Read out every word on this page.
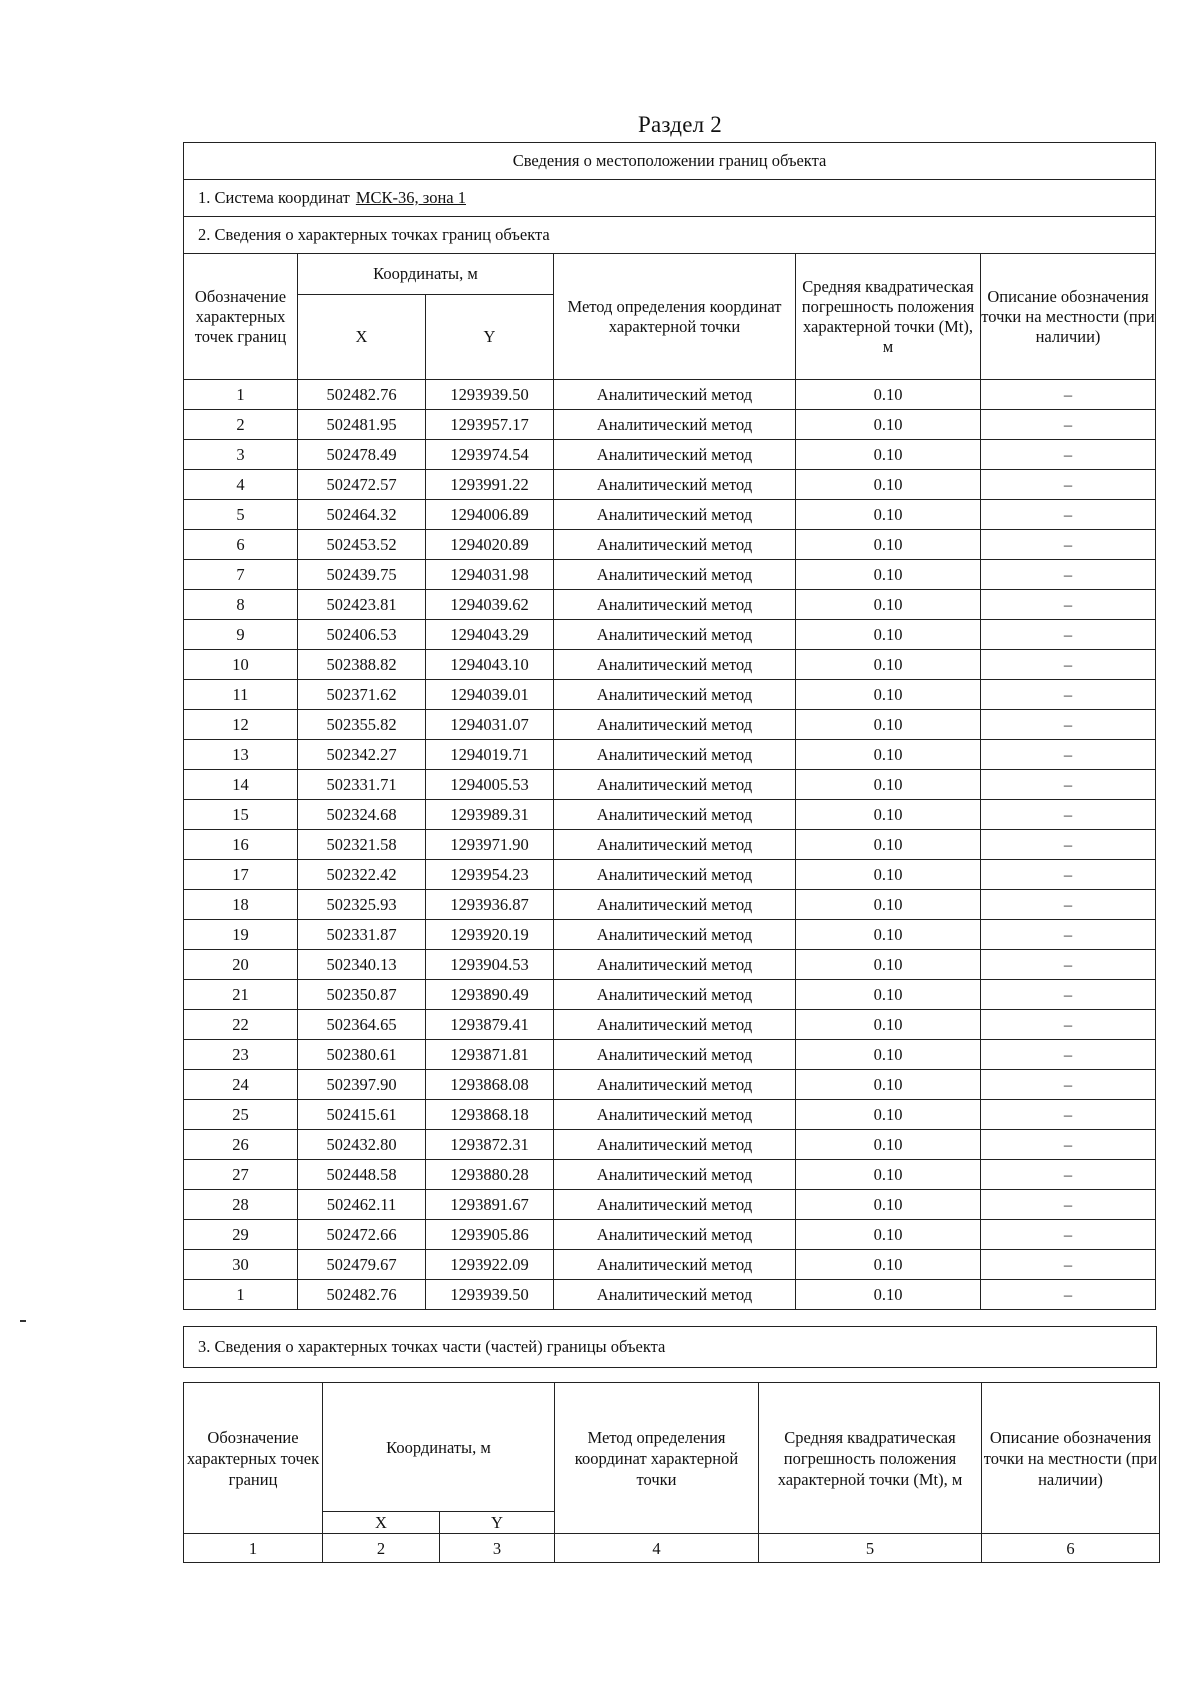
Раздел 2
Сведения о местоположении границ объекта					
1. Система координат МСК-36, зона 1					
2. Сведения о характерных точках границ объекта					
Обозначение характерных точек границ	Координаты, м		Метод определения координат характерной точки	Средняя квадратическая погрешность положения характерной точки (Mt), м	Описание обозначения точки на местности (при наличии)
	X	Y			
1	502482.76	1293939.50	Аналитический метод	0.10	–
2	502481.95	1293957.17	Аналитический метод	0.10	–
3	502478.49	1293974.54	Аналитический метод	0.10	–
4	502472.57	1293991.22	Аналитический метод	0.10	–
5	502464.32	1294006.89	Аналитический метод	0.10	–
6	502453.52	1294020.89	Аналитический метод	0.10	–
7	502439.75	1294031.98	Аналитический метод	0.10	–
8	502423.81	1294039.62	Аналитический метод	0.10	–
9	502406.53	1294043.29	Аналитический метод	0.10	–
10	502388.82	1294043.10	Аналитический метод	0.10	–
11	502371.62	1294039.01	Аналитический метод	0.10	–
12	502355.82	1294031.07	Аналитический метод	0.10	–
13	502342.27	1294019.71	Аналитический метод	0.10	–
14	502331.71	1294005.53	Аналитический метод	0.10	–
15	502324.68	1293989.31	Аналитический метод	0.10	–
16	502321.58	1293971.90	Аналитический метод	0.10	–
17	502322.42	1293954.23	Аналитический метод	0.10	–
18	502325.93	1293936.87	Аналитический метод	0.10	–
19	502331.87	1293920.19	Аналитический метод	0.10	–
20	502340.13	1293904.53	Аналитический метод	0.10	–
21	502350.87	1293890.49	Аналитический метод	0.10	–
22	502364.65	1293879.41	Аналитический метод	0.10	–
23	502380.61	1293871.81	Аналитический метод	0.10	–
24	502397.90	1293868.08	Аналитический метод	0.10	–
25	502415.61	1293868.18	Аналитический метод	0.10	–
26	502432.80	1293872.31	Аналитический метод	0.10	–
27	502448.58	1293880.28	Аналитический метод	0.10	–
28	502462.11	1293891.67	Аналитический метод	0.10	–
29	502472.66	1293905.86	Аналитический метод	0.10	–
30	502479.67	1293922.09	Аналитический метод	0.10	–
1	502482.76	1293939.50	Аналитический метод	0.10	–
3. Сведения о характерных точках части (частей) границы объекта
Обозначение характерных точек границ	Координаты, м		Метод определения координат характерной точки	Средняя квадратическая погрешность положения характерной точки (Mt), м	Описание обозначения точки на местности (при наличии)
	X	Y			
1	2	3	4	5	6
